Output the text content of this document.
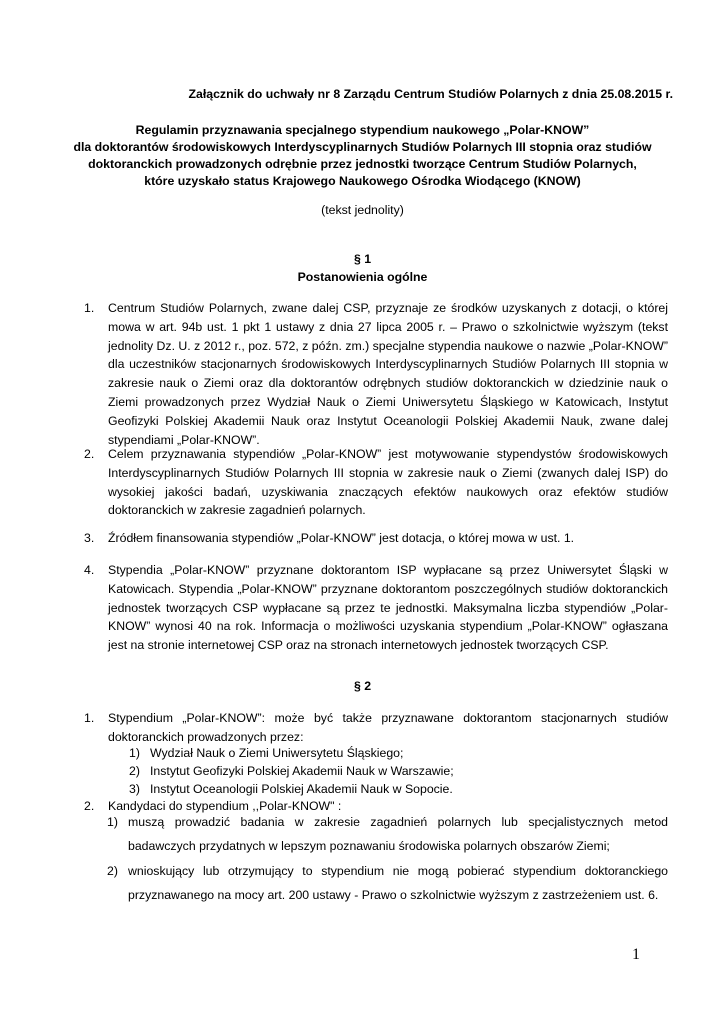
Załącznik do uchwały nr 8 Zarządu Centrum Studiów Polarnych z dnia 25.08.2015 r.
Regulamin przyznawania specjalnego stypendium naukowego „Polar-KNOW”
dla doktorantów środowiskowych Interdyscyplinarnych Studiów Polarnych III stopnia oraz studiów
doktoranckich prowadzonych odrębnie przez jednostki tworzące Centrum Studiów Polarnych,
które uzyskało status Krajowego Naukowego Ośrodka Wiodącego (KNOW)
(tekst jednolity)
§ 1
Postanowienia ogólne
1. Centrum Studiów Polarnych, zwane dalej CSP, przyznaje ze środków uzyskanych z dotacji, o której mowa w art. 94b ust. 1 pkt 1 ustawy z dnia 27 lipca 2005 r. – Prawo o szkolnictwie wyższym (tekst jednolity Dz. U. z 2012 r., poz. 572, z późn. zm.) specjalne stypendia naukowe o nazwie „Polar-KNOW” dla uczestników stacjonarnych środowiskowych Interdyscyplinarnych Studiów Polarnych III stopnia w zakresie nauk o Ziemi oraz dla doktorantów odrębnych studiów doktoranckich w dziedzinie nauk o Ziemi prowadzonych przez Wydział Nauk o Ziemi Uniwersytetu Śląskiego w Katowicach, Instytut Geofizyki Polskiej Akademii Nauk oraz Instytut Oceanologii Polskiej Akademii Nauk, zwane dalej stypendiami „Polar-KNOW”.
2. Celem przyznawania stypendiów „Polar-KNOW” jest motywowanie stypendystów środowiskowych Interdyscyplinarnych Studiów Polarnych III stopnia w zakresie nauk o Ziemi (zwanych dalej ISP) do wysokiej jakości badań, uzyskiwania znaczących efektów naukowych oraz efektów studiów doktoranckich w zakresie zagadnień polarnych.
3. Źródłem finansowania stypendiów „Polar-KNOW” jest dotacja, o której mowa w ust. 1.
4. Stypendia „Polar-KNOW” przyznane doktorantom ISP wypłacane są przez Uniwersytet Śląski w Katowicach. Stypendia „Polar-KNOW” przyznane doktorantom poszczególnych studiów doktoranckich jednostek tworzących CSP wypłacane są przez te jednostki. Maksymalna liczba stypendiów „Polar-KNOW” wynosi 40 na rok. Informacja o możliwości uzyskania stypendium „Polar-KNOW” ogłaszana jest na stronie internetowej CSP oraz na stronach internetowych jednostek tworzących CSP.
§ 2
1. Stypendium „Polar-KNOW”: może być także przyznawane doktorantom stacjonarnych studiów doktoranckich prowadzonych przez:
1) Wydział Nauk o Ziemi Uniwersytetu Śląskiego;
2) Instytut Geofizyki Polskiej Akademii Nauk w Warszawie;
3) Instytut Oceanologii Polskiej Akademii Nauk w Sopocie.
2. Kandydaci do stypendium ,,Polar-KNOW" :
1) muszą prowadzić badania w zakresie zagadnień polarnych lub specjalistycznych metod badawczych przydatnych w lepszym poznawaniu środowiska polarnych obszarów Ziemi;
2) wnioskujący lub otrzymujący to stypendium nie mogą pobierać stypendium doktoranckiego przyznawanego na mocy art. 200 ustawy - Prawo o szkolnictwie wyższym z zastrzeżeniem ust. 6.
1
